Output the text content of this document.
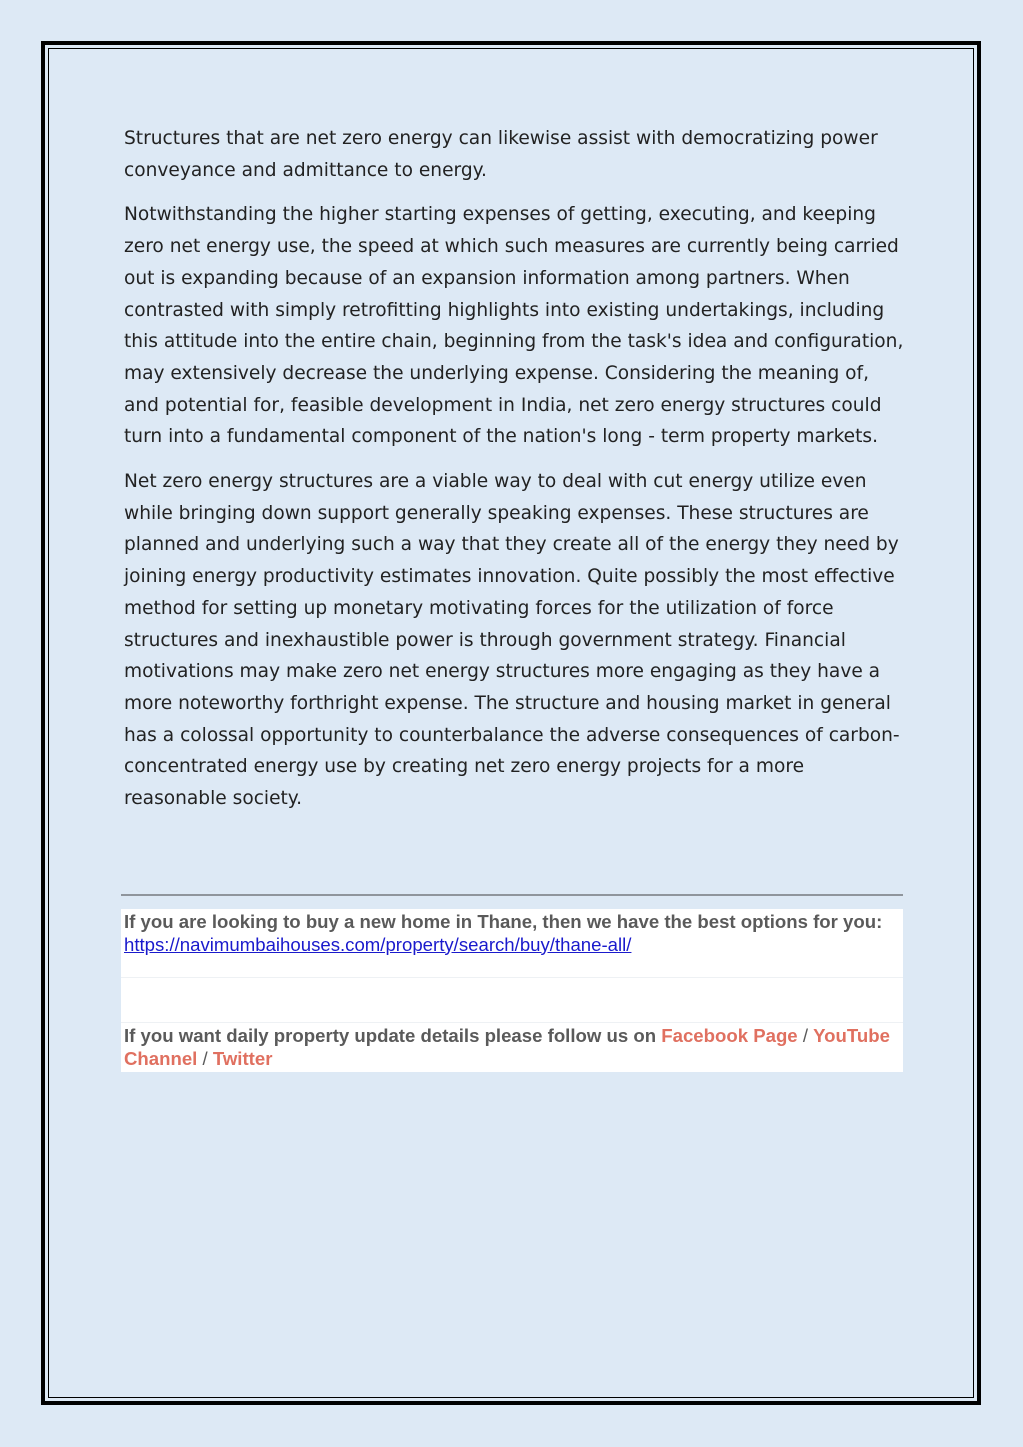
Structures that are net zero energy can likewise assist with democratizing power conveyance and admittance to energy.

Notwithstanding the higher starting expenses of getting, executing, and keeping zero net energy use, the speed at which such measures are currently being carried out is expanding because of an expansion information among partners. When contrasted with simply retrofitting highlights into existing undertakings, including this attitude into the entire chain, beginning from the task's idea and configuration, may extensively decrease the underlying expense. Considering the meaning of, and potential for, feasible development in India, net zero energy structures could turn into a fundamental component of the nation's long - term property markets.

Net zero energy structures are a viable way to deal with cut energy utilize even while bringing down support generally speaking expenses. These structures are planned and underlying such a way that they create all of the energy they need by joining energy productivity estimates innovation. Quite possibly the most effective method for setting up monetary motivating forces for the utilization of force structures and inexhaustible power is through government strategy. Financial motivations may make zero net energy structures more engaging as they have a more noteworthy forthright expense. The structure and housing market in general has a colossal opportunity to counterbalance the adverse consequences of carbon-concentrated energy use by creating net zero energy projects for a more reasonable society.

If you are looking to buy a new home in Thane, then we have the best options for you: https://navimumbaihouses.com/property/search/buy/thane-all/
If you want daily property update details please follow us on Facebook Page / YouTube Channel / Twitter
